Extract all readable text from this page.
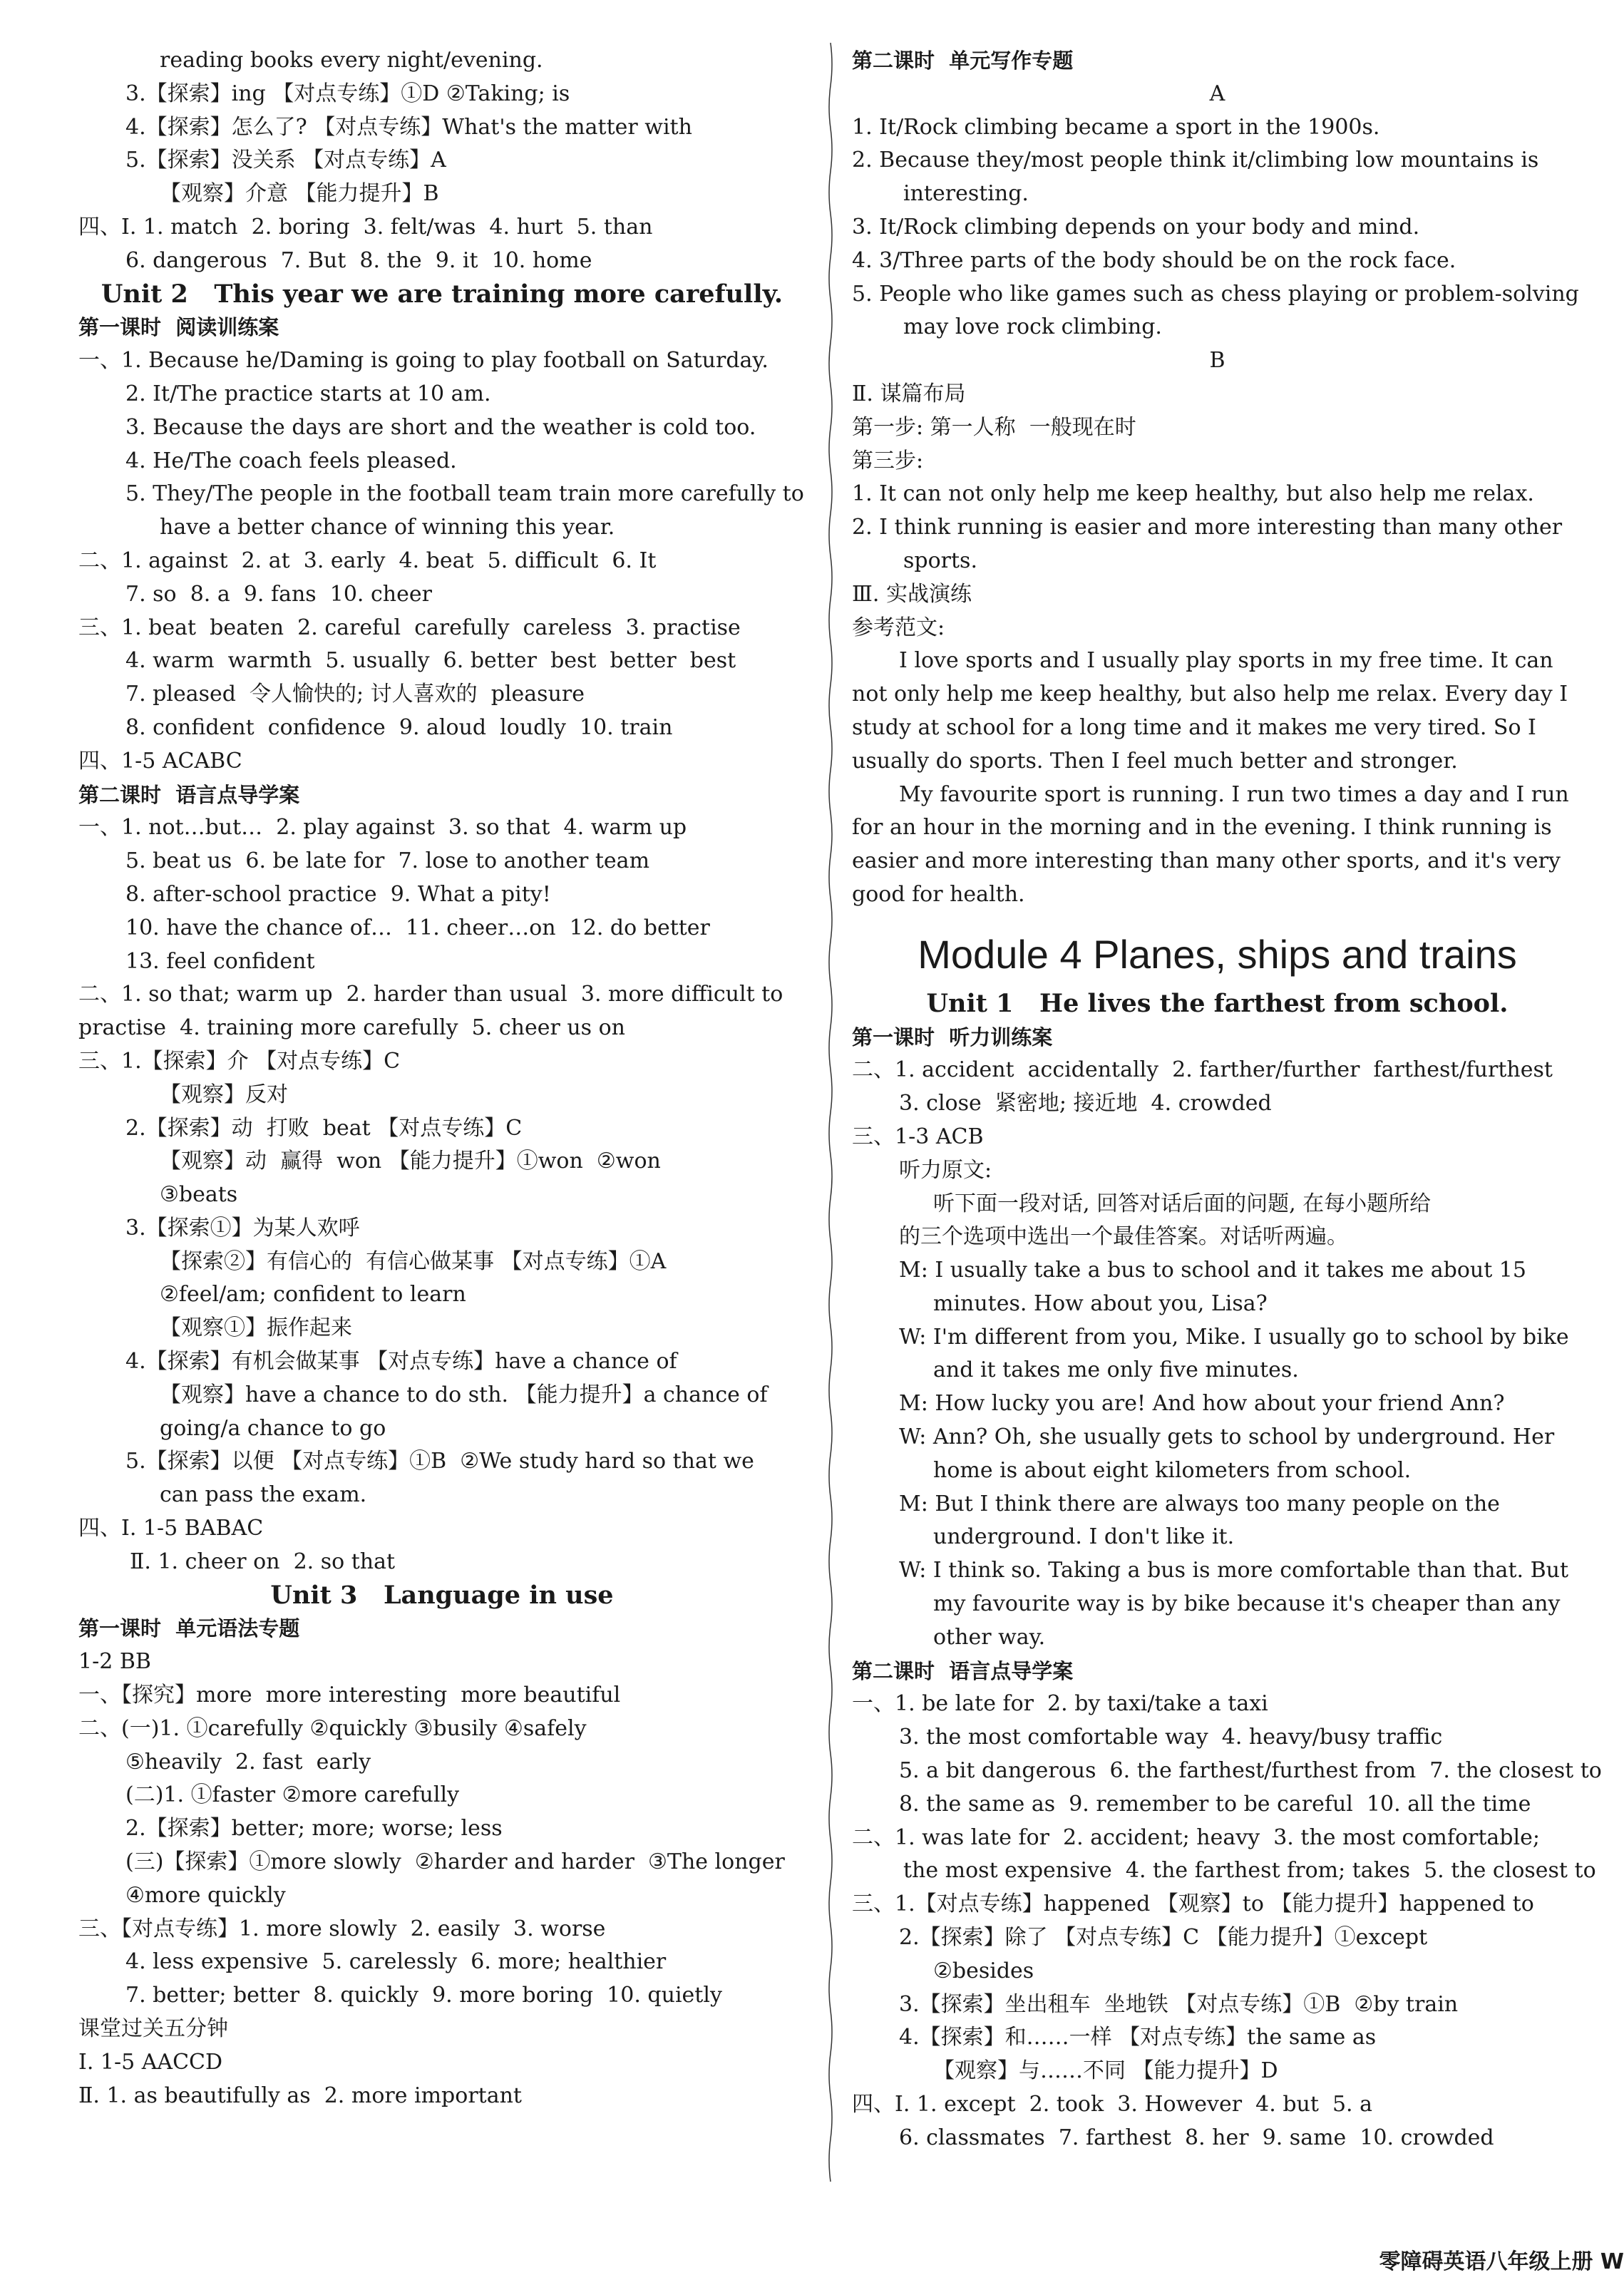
reading books every night/evening.
3.【探索】ing 【对点专练】①D ②Taking; is
4.【探索】怎么了? 【对点专练】What's the matter with
5.【探索】没关系 【对点专练】A
【观察】介意 【能力提升】B
四、Ⅰ. 1. match  2. boring  3. felt/was  4. hurt  5. than
6. dangerous  7. But  8. the  9. it  10. home
Unit 2   This year we are training more carefully.
第一课时  阅读训练案
一、1. Because he/Daming is going to play football on Saturday.
2. It/The practice starts at 10 am.
3. Because the days are short and the weather is cold too.
4. He/The coach feels pleased.
5. They/The people in the football team train more carefully to
have a better chance of winning this year.
二、1. against  2. at  3. early  4. beat  5. difficult  6. It
7. so  8. a  9. fans  10. cheer
三、1. beat  beaten  2. careful  carefully  careless  3. practise
4. warm  warmth  5. usually  6. better  best  better  best
7. pleased  令人愉快的; 讨人喜欢的  pleasure
8. confident  confidence  9. aloud  loudly  10. train
四、1-5 ACABC
第二课时  语言点导学案
一、1. not…but…  2. play against  3. so that  4. warm up
5. beat us  6. be late for  7. lose to another team
8. after-school practice  9. What a pity!
10. have the chance of…  11. cheer…on  12. do better
13. feel confident
二、1. so that; warm up  2. harder than usual  3. more difficult to
practise  4. training more carefully  5. cheer us on
三、1.【探索】介 【对点专练】C
【观察】反对
2.【探索】动  打败  beat 【对点专练】C
【观察】动  赢得  won 【能力提升】①won  ②won
③beats
3.【探索①】为某人欢呼
【探索②】有信心的  有信心做某事 【对点专练】①A
②feel/am; confident to learn
【观察①】振作起来
4.【探索】有机会做某事 【对点专练】have a chance of
【观察】have a chance to do sth. 【能力提升】a chance of
going/a chance to go
5.【探索】以便 【对点专练】①B  ②We study hard so that we
can pass the exam.
四、Ⅰ. 1-5 BABAC
Ⅱ. 1. cheer on  2. so that
Unit 3   Language in use
第一课时  单元语法专题
1-2 BB
一、【探究】more  more interesting  more beautiful
二、(一)1. ①carefully ②quickly ③busily ④safely
⑤heavily  2. fast  early
(二)1. ①faster ②more carefully
2.【探索】better; more; worse; less
(三)【探索】①more slowly  ②harder and harder  ③The longer
④more quickly
三、【对点专练】1. more slowly  2. easily  3. worse
4. less expensive  5. carelessly  6. more; healthier
7. better; better  8. quickly  9. more boring  10. quietly
课堂过关五分钟
Ⅰ. 1-5 AACCD
Ⅱ. 1. as beautifully as  2. more important
第二课时  单元写作专题
A
1. It/Rock climbing became a sport in the 1900s.
2. Because they/most people think it/climbing low mountains is
interesting.
3. It/Rock climbing depends on your body and mind.
4. 3/Three parts of the body should be on the rock face.
5. People who like games such as chess playing or problem-solving
may love rock climbing.
B
Ⅱ. 谋篇布局
第一步: 第一人称  一般现在时
第三步:
1. It can not only help me keep healthy, but also help me relax.
2. I think running is easier and more interesting than many other
sports.
Ⅲ. 实战演练
参考范文:
I love sports and I usually play sports in my free time. It can not only help me keep healthy, but also help me relax. Every day I study at school for a long time and it makes me very tired. So I usually do sports. Then I feel much better and stronger.
My favourite sport is running. I run two times a day and I run for an hour in the morning and in the evening. I think running is easier and more interesting than many other sports, and it's very good for health.
Module 4 Planes, ships and trains
Unit 1   He lives the farthest from school.
第一课时  听力训练案
二、1. accident  accidentally  2. farther/further  farthest/furthest
3. close  紧密地; 接近地  4. crowded
三、1-3 ACB
听力原文:
听下面一段对话, 回答对话后面的问题, 在每小题所给
的三个选项中选出一个最佳答案。对话听两遍。
M: I usually take a bus to school and it takes me about 15
minutes. How about you, Lisa?
W: I'm different from you, Mike. I usually go to school by bike
and it takes me only five minutes.
M: How lucky you are! And how about your friend Ann?
W: Ann? Oh, she usually gets to school by underground. Her
home is about eight kilometers from school.
M: But I think there are always too many people on the
underground. I don't like it.
W: I think so. Taking a bus is more comfortable than that. But
my favourite way is by bike because it's cheaper than any
other way.
第二课时  语言点导学案
一、1. be late for  2. by taxi/take a taxi
3. the most comfortable way  4. heavy/busy traffic
5. a bit dangerous  6. the farthest/furthest from  7. the closest to
8. the same as  9. remember to be careful  10. all the time
二、1. was late for  2. accident; heavy  3. the most comfortable;
the most expensive  4. the farthest from; takes  5. the closest to
三、1.【对点专练】happened 【观察】to 【能力提升】happened to
2.【探索】除了 【对点专练】C 【能力提升】①except
②besides
3.【探索】坐出租车  坐地铁 【对点专练】①B  ②by train
4.【探索】和……一样 【对点专练】the same as
【观察】与……不同 【能力提升】D
四、Ⅰ. 1. except  2. took  3. However  4. but  5. a
6. classmates  7. farthest  8. her  9. same  10. crowded
零障碍英语八年级上册 W
